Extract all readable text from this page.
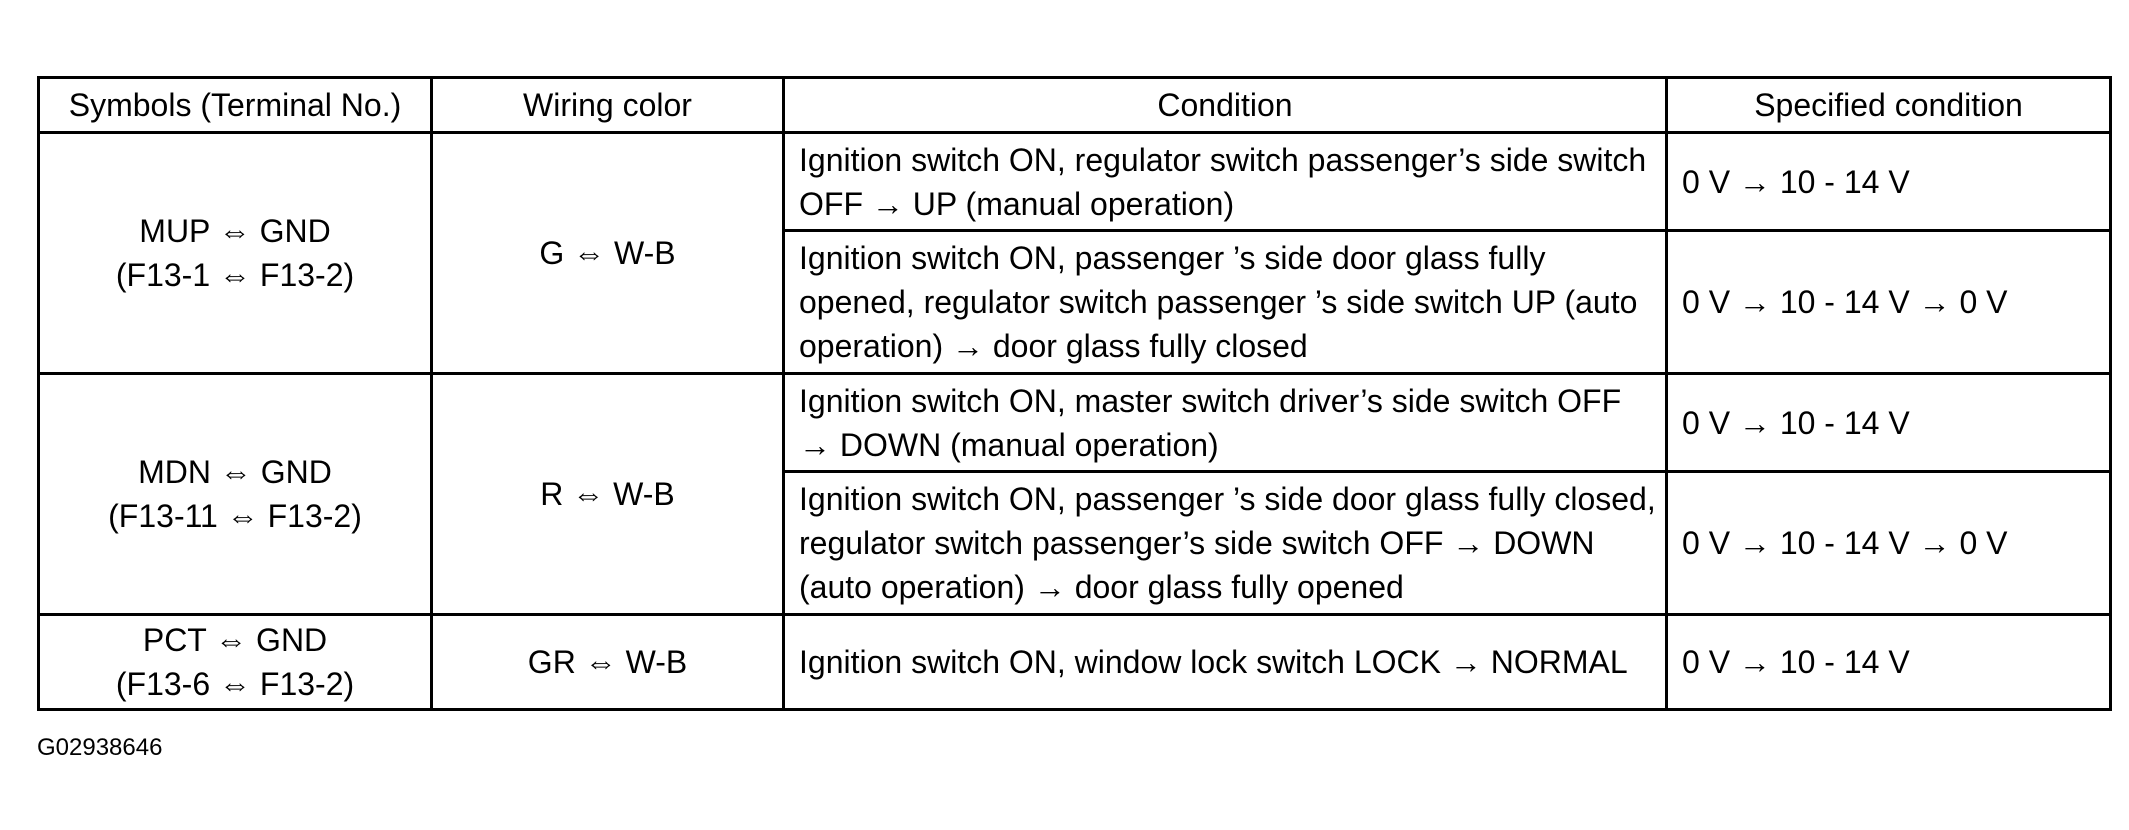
Symbols (Terminal No.)	Wiring color	Condition	Specified condition

MUP ⇔ GND
(F13-1 ⇔ F13-2)	G ⇔ W-B	Ignition switch ON, regulator switch passenger’s side switch
OFF → UP (manual operation)	0 V → 10 - 14 V

		Ignition switch ON, passenger ’s side door glass fully
opened, regulator switch passenger ’s side switch UP (auto
operation) → door glass fully closed	0 V → 10 - 14 V → 0 V

MDN ⇔ GND
(F13-11 ⇔ F13-2)	R ⇔ W-B	Ignition switch ON, master switch driver’s side switch OFF
→ DOWN (manual operation)	0 V → 10 - 14 V

		Ignition switch ON, passenger ’s side door glass fully closed,
regulator switch passenger’s side switch OFF → DOWN
(auto operation) → door glass fully opened	0 V → 10 - 14 V → 0 V

PCT ⇔ GND
(F13-6 ⇔ F13-2)	GR ⇔ W-B	Ignition switch ON, window lock switch LOCK → NORMAL	0 V → 10 - 14 V
G02938646
